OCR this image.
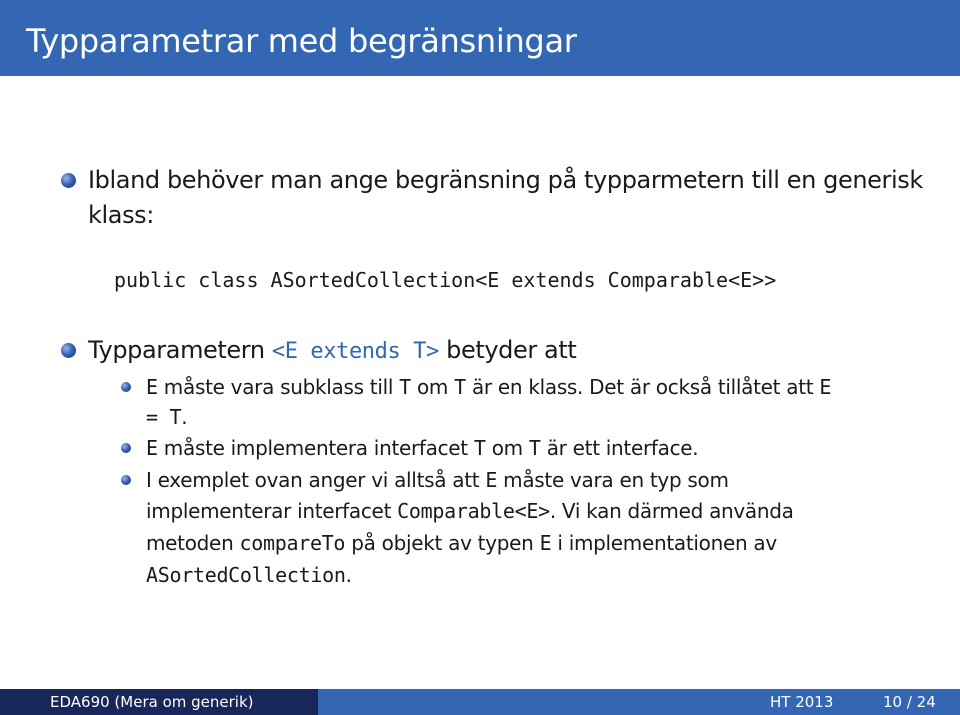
Typparametrar med begränsningar
Ibland behöver man ange begränsning på typparmetern till en generisk
klass:
public class ASortedCollection<E extends Comparable<E>>
Typparametern <E extends T> betyder att
E måste vara subklass till T om T är en klass. Det är också tillåtet att E
= T.
E måste implementera interfacet T om T är ett interface.
I exemplet ovan anger vi alltså att E måste vara en typ som
implementerar interfacet Comparable<E>. Vi kan därmed använda
metoden compareTo på objekt av typen E i implementationen av
ASortedCollection.
EDA690 (Mera om generik)	HT 2013	10 / 24
